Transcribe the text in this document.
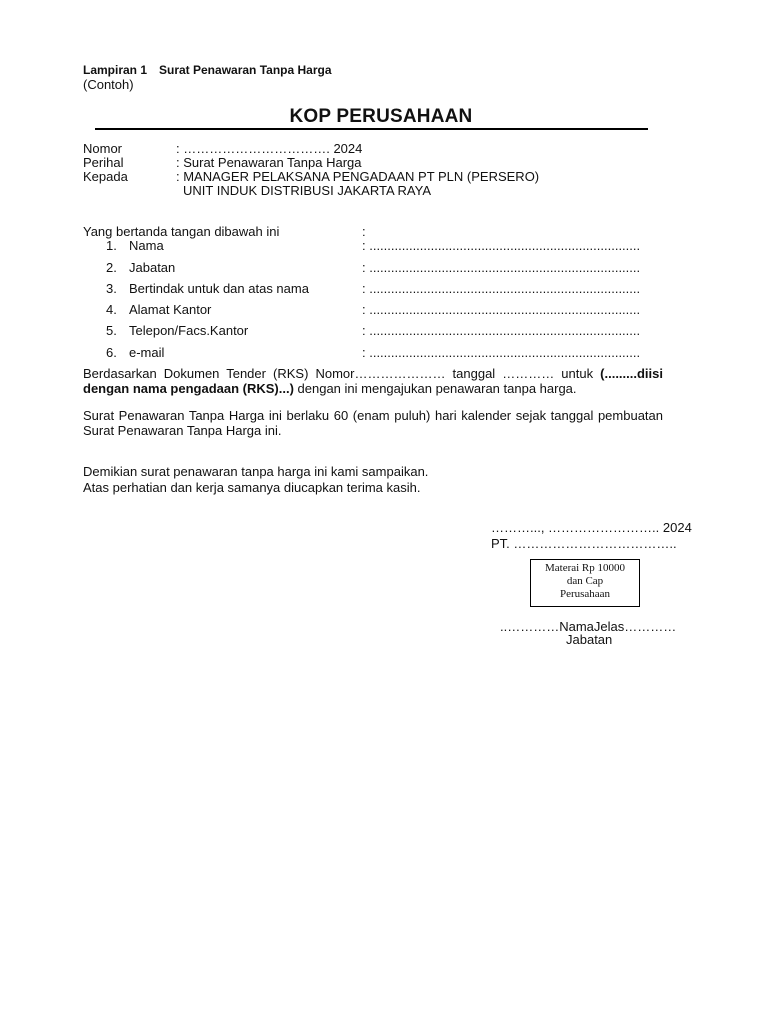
Lampiran 1 Surat Penawaran Tanpa Harga
(Contoh)
KOP PERUSAHAAN
Nomor	: ……………………………. 2024
Perihal	: Surat Penawaran Tanpa Harga
Kepada	: MANAGER PELAKSANA PENGADAAN PT PLN (PERSERO)
UNIT INDUK DISTRIBUSI JAKARTA RAYA
Yang bertanda tangan dibawah ini	:
1. Nama	: ...........................................................................
2. Jabatan	: ...........................................................................
3. Bertindak untuk dan atas nama	: ...........................................................................
4. Alamat Kantor	: ...........................................................................
5. Telepon/Facs.Kantor	: ...........................................................................
6. e-mail	: ...........................................................................
Berdasarkan Dokumen Tender (RKS) Nomor………………… tanggal ………… untuk (.........diisi
dengan nama pengadaan (RKS)...) dengan ini mengajukan penawaran tanpa harga.
Surat Penawaran Tanpa Harga ini berlaku 60 (enam puluh) hari kalender sejak tanggal pembuatan
Surat Penawaran Tanpa Harga ini.
Demikian surat penawaran tanpa harga ini kami sampaikan.
Atas perhatian dan kerja samanya diucapkan terima kasih.
………..., …………………….. 2024
PT. ………………………………..
Materai Rp 10000
dan Cap
Perusahaan
..…………NamaJelas…………
Jabatan
